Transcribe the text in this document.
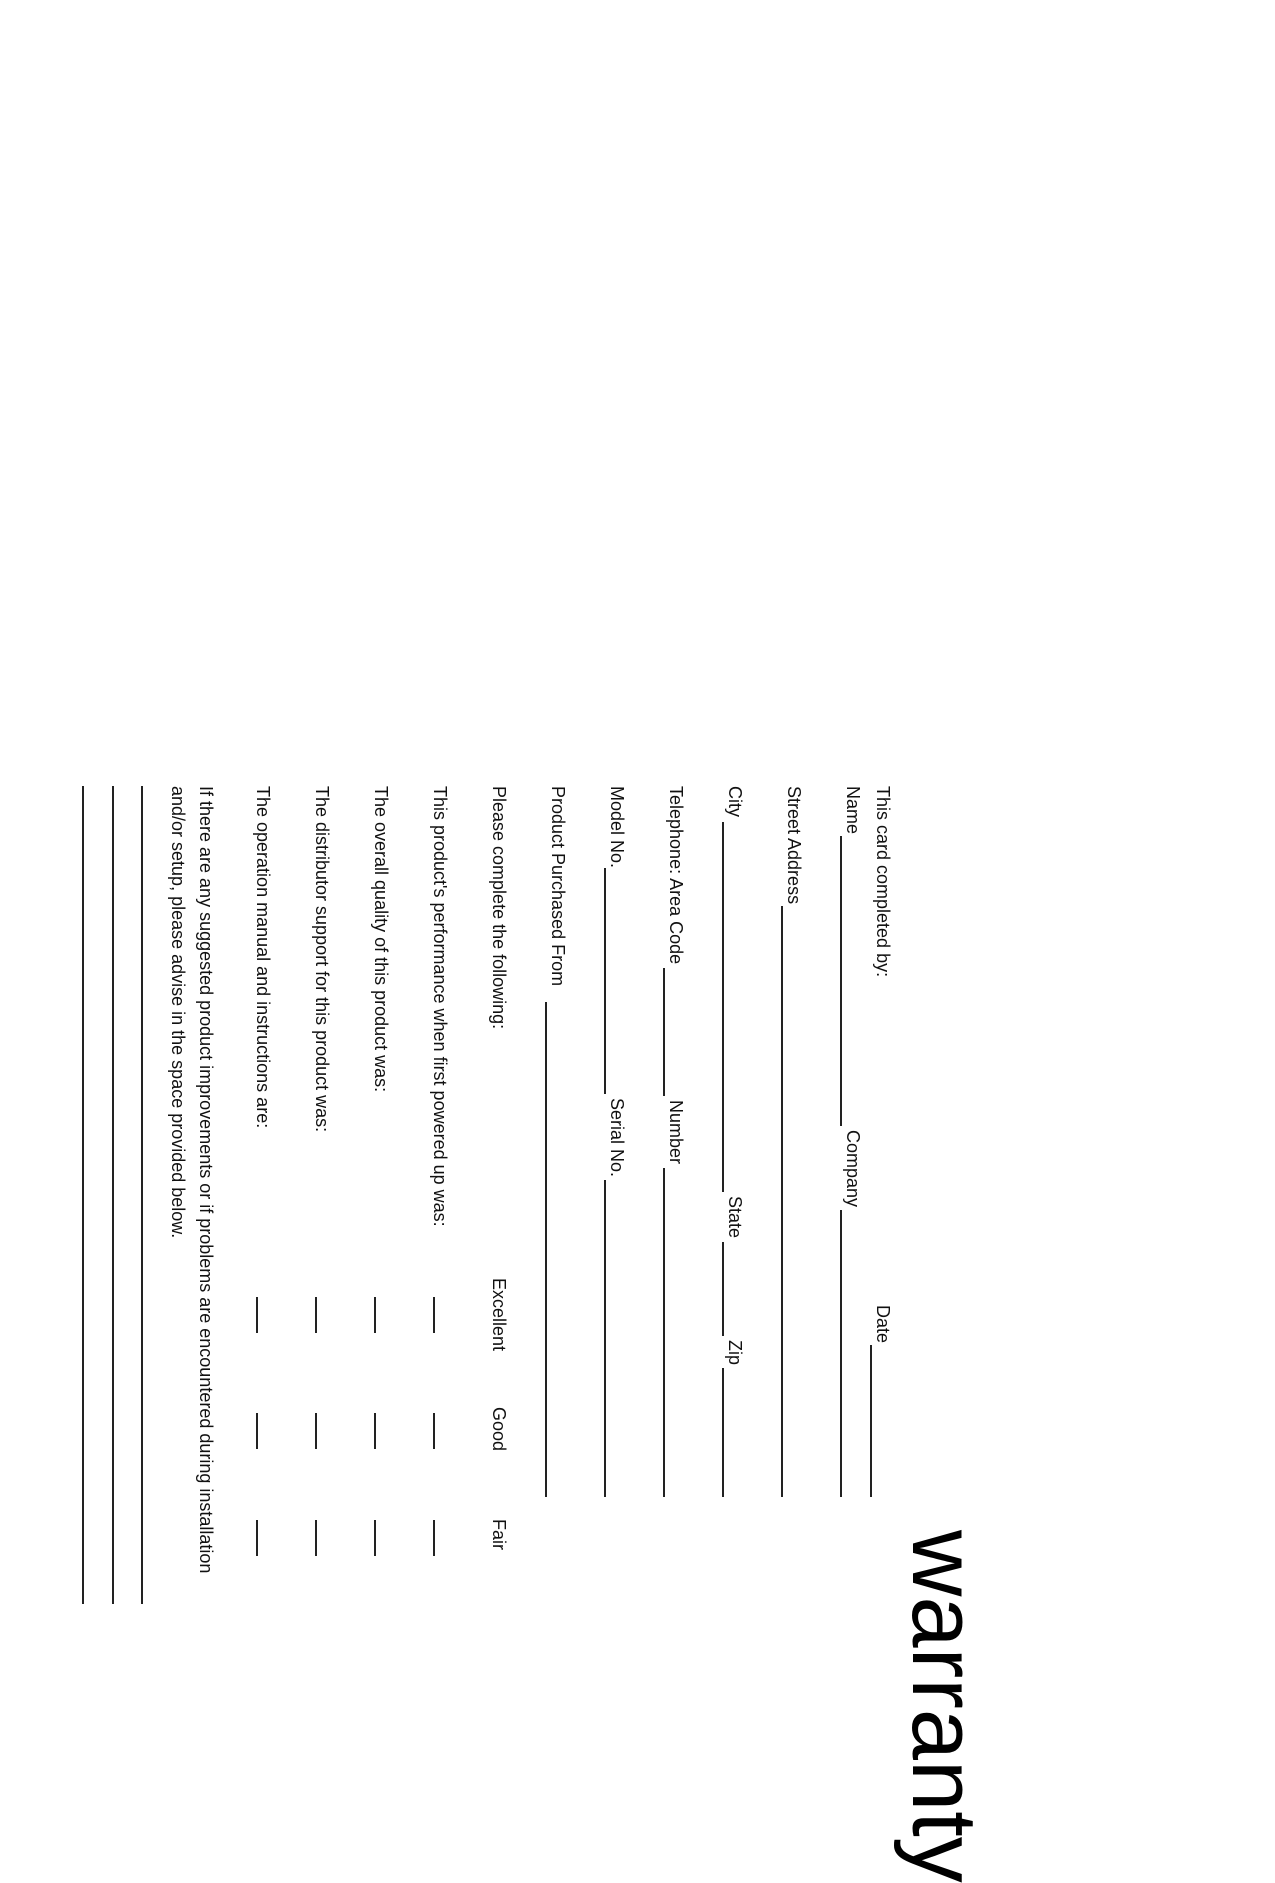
This card completed by:
Date
Name
Company
Street Address
City
State
Zip
Telephone: Area Code
Number
Model No.
Serial No.
Product Purchased From
Please complete the following:
Excellent
Good
Fair
This product's performance when first powered up was:
The overall quality of this product was:
The distributor support for this product was:
The operation manual and instructions are:
If there are any suggested product improvements or if problems are encountered during installation
and/or setup, please advise in the space provided below.
warranty
